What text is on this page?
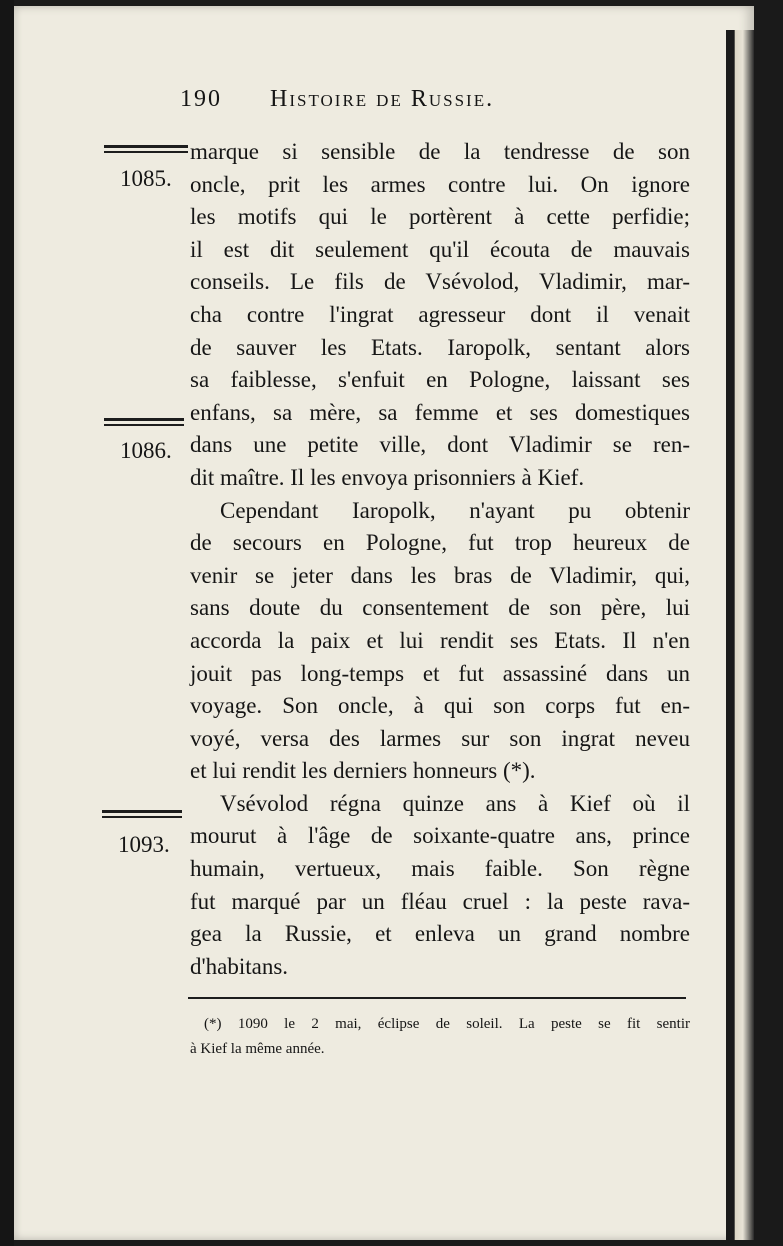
190 Histoire de Russie.
1085.
1086.
1093.
marque si sensible de la tendresse de son
oncle, prit les armes contre lui. On ignore
les motifs qui le portèrent à cette perfidie;
il est dit seulement qu'il écouta de mauvais
conseils. Le fils de Vsévolod, Vladimir, mar-
cha contre l'ingrat agresseur dont il venait
de sauver les Etats. Iaropolk, sentant alors
sa faiblesse, s'enfuit en Pologne, laissant ses
enfans, sa mère, sa femme et ses domestiques
dans une petite ville, dont Vladimir se ren-
dit maître. Il les envoya prisonniers à Kief.
Cependant Iaropolk, n'ayant pu obtenir
de secours en Pologne, fut trop heureux de
venir se jeter dans les bras de Vladimir, qui,
sans doute du consentement de son père, lui
accorda la paix et lui rendit ses Etats. Il n'en
jouit pas long-temps et fut assassiné dans un
voyage. Son oncle, à qui son corps fut en-
voyé, versa des larmes sur son ingrat neveu
et lui rendit les derniers honneurs (*).
Vsévolod régna quinze ans à Kief où il
mourut à l'âge de soixante-quatre ans, prince
humain, vertueux, mais faible. Son règne
fut marqué par un fléau cruel : la peste rava-
gea la Russie, et enleva un grand nombre
d'habitans.
(*) 1090 le 2 mai, éclipse de soleil. La peste se fit sentir
à Kief la même année.
